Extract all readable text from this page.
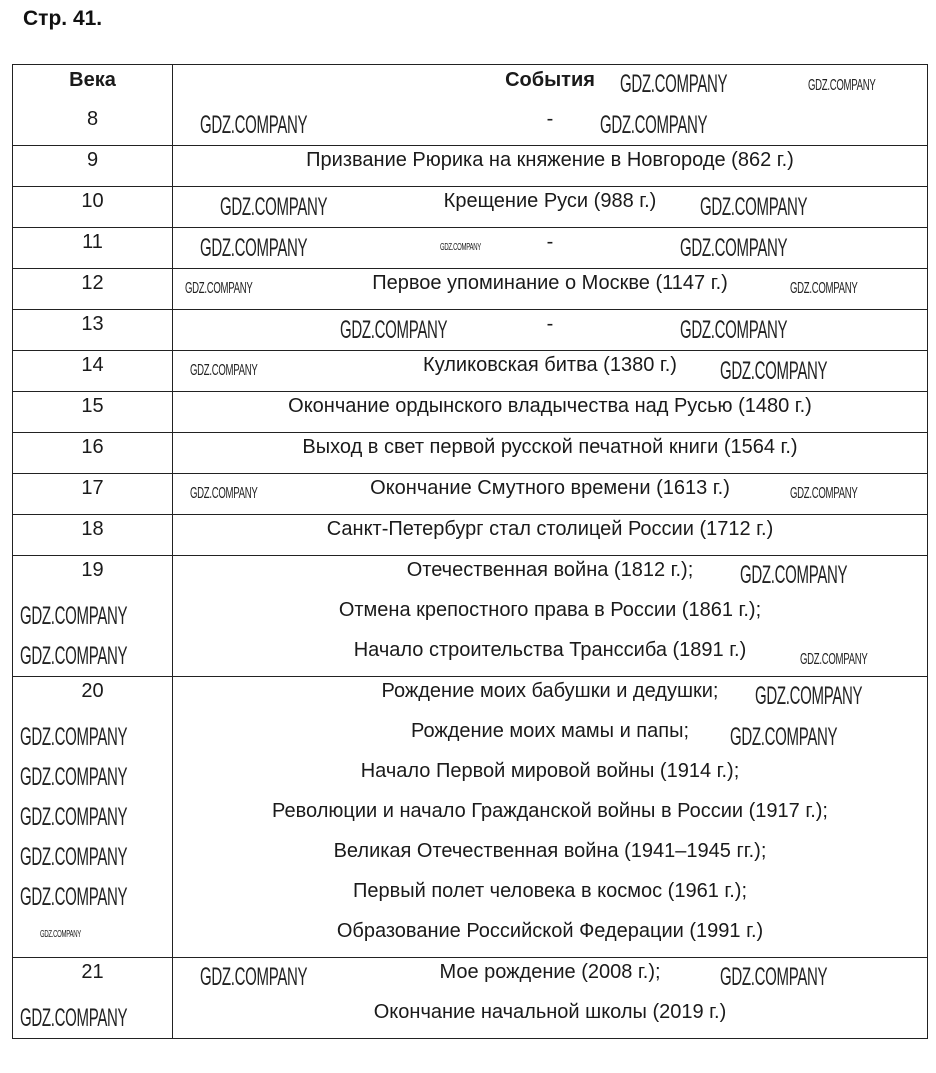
Стр. 41.
Века	События
8	-
9	Призвание Рюрика на княжение в Новгороде (862 г.)
10	Крещение Руси (988 г.)
11	-
12	Первое упоминание о Москве (1147 г.)
13	-
14	Куликовская битва (1380 г.)
15	Окончание ордынского владычества над Русью (1480 г.)
16	Выход в свет первой русской печатной книги (1564 г.)
17	Окончание Смутного времени (1613 г.)
18	Санкт-Петербург стал столицей России (1712 г.)
19	Отечественная война (1812 г.);
Отмена крепостного права в России (1861 г.);
Начало строительства Транссиба (1891 г.)
20	Рождение моих бабушки и дедушки;
Рождение моих мамы и папы;
Начало Первой мировой войны (1914 г.);
Революции и начало Гражданской войны в России (1917 г.);
Великая Отечественная война (1941–1945 гг.);
Первый полет человека в космос (1961 г.);
Образование Российской Федерации (1991 г.)
21	Мое рождение (2008 г.);
Окончание начальной школы (2019 г.)
GDZ.COMPANY	GDZ.COMPANY
GDZ.COMPANY	GDZ.COMPANY
GDZ.COMPANY	GDZ.COMPANY
GDZ.COMPANY	GDZ.COMPANY	GDZ.COMPANY
GDZ.COMPANY	GDZ.COMPANY
GDZ.COMPANY	GDZ.COMPANY
GDZ.COMPANY	GDZ.COMPANY
GDZ.COMPANY	GDZ.COMPANY
GDZ.COMPANY
GDZ.COMPANY
GDZ.COMPANY	GDZ.COMPANY
GDZ.COMPANY
GDZ.COMPANY
GDZ.COMPANY
GDZ.COMPANY
GDZ.COMPANY
GDZ.COMPANY
GDZ.COMPANY
GDZ.COMPANY
GDZ.COMPANY	GDZ.COMPANY
GDZ.COMPANY
